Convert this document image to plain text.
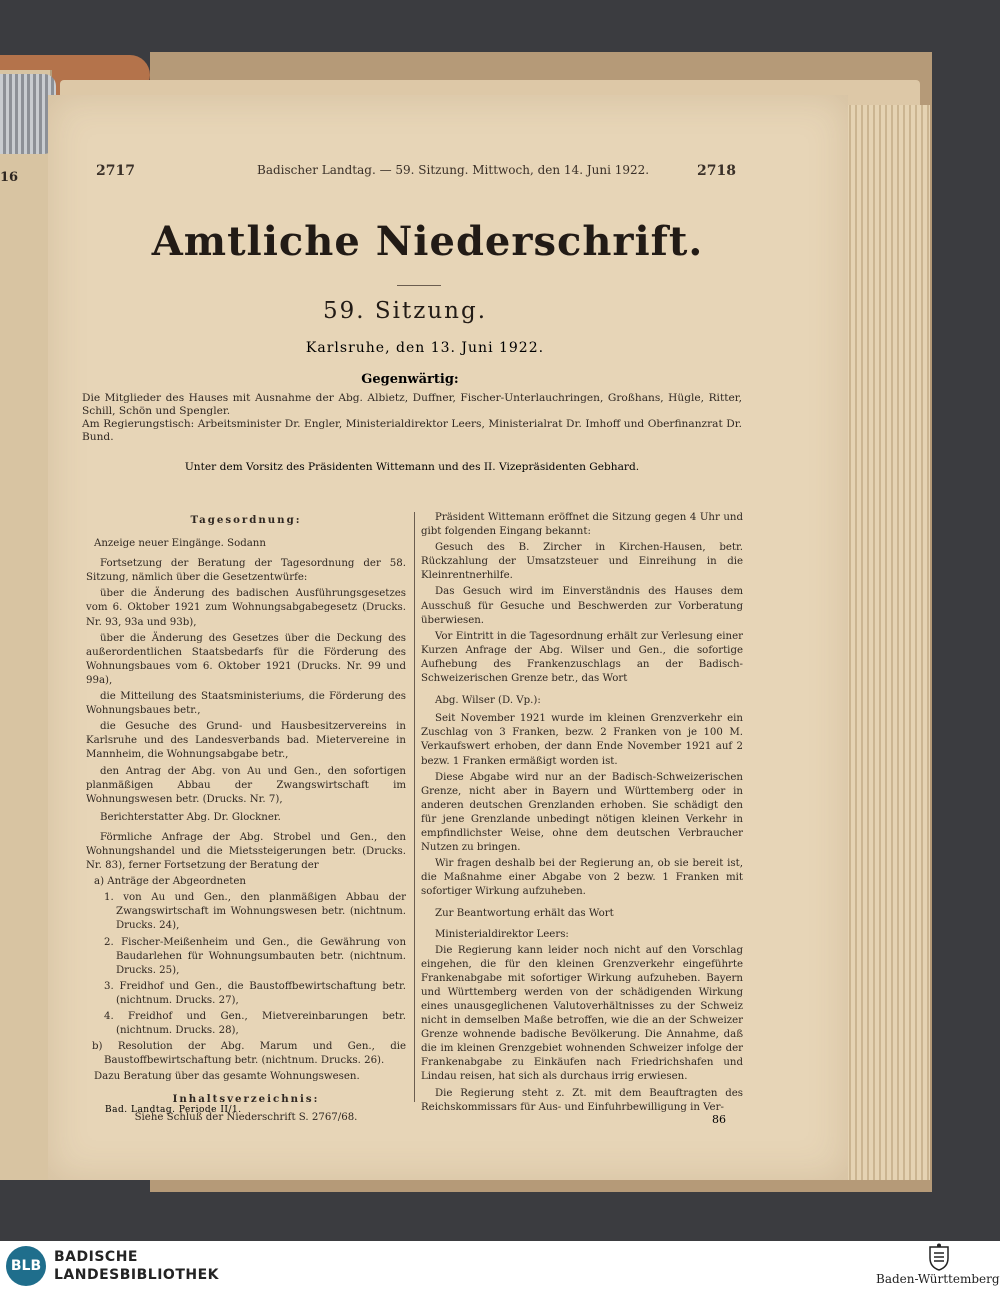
16	2717	Badischer Landtag. — 59. Sitzung. Mittwoch, den 14. Juni 1922.	2718
Amtliche Niederschrift.
59. Sitzung.
Karlsruhe, den 13. Juni 1922.
Gegenwärtig:
Die Mitglieder des Hauses mit Ausnahme der Abg. Albietz, Duffner, Fischer-Unterlauchringen, Großhans, Hügle, Ritter, Schill, Schön und Spengler.
Am Regierungstisch: Arbeitsminister Dr. Engler, Ministerialdirektor Leers, Ministerialrat Dr. Imhoff und Oberfinanzrat Dr. Bund.
Unter dem Vorsitz des Präsidenten Wittemann und des II. Vizepräsidenten Gebhard.

Tagesordnung:

Anzeige neuer Eingänge. Sodann

Fortsetzung der Beratung der Tagesordnung der 58. Sitzung, nämlich über die Gesetzentwürfe:

über die Änderung des badischen Ausführungsgesetzes vom 6. Oktober 1921 zum Wohnungsabgabegesetz (Drucks. Nr. 93, 93a und 93b),

über die Änderung des Gesetzes über die Deckung des außerordentlichen Staatsbedarfs für die Förderung des Wohnungsbaues vom 6. Oktober 1921 (Drucks. Nr. 99 und 99a),

die Mitteilung des Staatsministeriums, die Förderung des Wohnungsbaues betr.,

die Gesuche des Grund- und Hausbesitzervereins in Karlsruhe und des Landesverbands bad. Mietervereine in Mannheim, die Wohnungsabgabe betr.,

den Antrag der Abg. von Au und Gen., den sofortigen planmäßigen Abbau der Zwangswirtschaft im Wohnungswesen betr. (Drucks. Nr. 7),

Berichterstatter Abg. Dr. Glockner.

Förmliche Anfrage der Abg. Strobel und Gen., den Wohnungshandel und die Mietssteigerungen betr. (Drucks. Nr. 83), ferner Fortsetzung der Beratung der

a) Anträge der Abgeordneten

1. von Au und Gen., den planmäßigen Abbau der Zwangswirtschaft im Wohnungswesen betr. (nichtnum. Drucks. 24),

2. Fischer-Meißenheim und Gen., die Gewährung von Baudarlehen für Wohnungsumbauten betr. (nichtnum. Drucks. 25),

3. Freidhof und Gen., die Baustoffbewirtschaftung betr. (nichtnum. Drucks. 27),

4. Freidhof und Gen., Mietvereinbarungen betr. (nichtnum. Drucks. 28),

b) Resolution der Abg. Marum und Gen., die Baustoffbewirtschaftung betr. (nichtnum. Drucks. 26).

Dazu Beratung über das gesamte Wohnungswesen.

Inhaltsverzeichnis:

Siehe Schluß der Niederschrift S. 2767/68.

Präsident Wittemann eröffnet die Sitzung gegen 4 Uhr und gibt folgenden Eingang bekannt:

Gesuch des B. Zircher in Kirchen-Hausen, betr. Rückzahlung der Umsatzsteuer und Einreihung in die Kleinrentnerhilfe.

Das Gesuch wird im Einverständnis des Hauses dem Ausschuß für Gesuche und Beschwerden zur Vorberatung überwiesen.

Vor Eintritt in die Tagesordnung erhält zur Verlesung einer Kurzen Anfrage der Abg. Wilser und Gen., die sofortige Aufhebung des Frankenzuschlags an der Badisch-Schweizerischen Grenze betr., das Wort

Abg. Wilser (D. Vp.):

Seit November 1921 wurde im kleinen Grenzverkehr ein Zuschlag von 3 Franken, bezw. 2 Franken von je 100 M. Verkaufswert erhoben, der dann Ende November 1921 auf 2 bezw. 1 Franken ermäßigt worden ist.

Diese Abgabe wird nur an der Badisch-Schweizerischen Grenze, nicht aber in Bayern und Württemberg oder in anderen deutschen Grenzlanden erhoben. Sie schädigt den für jene Grenzlande unbedingt nötigen kleinen Verkehr in empfindlichster Weise, ohne dem deutschen Verbraucher Nutzen zu bringen.

Wir fragen deshalb bei der Regierung an, ob sie bereit ist, die Maßnahme einer Abgabe von 2 bezw. 1 Franken mit sofortiger Wirkung aufzuheben.

Zur Beantwortung erhält das Wort

Ministerialdirektor Leers:

Die Regierung kann leider noch nicht auf den Vorschlag eingehen, die für den kleinen Grenzverkehr eingeführte Frankenabgabe mit sofortiger Wirkung aufzuheben. Bayern und Württemberg werden von der schädigenden Wirkung eines unausgeglichenen Valutoverhältnisses zu der Schweiz nicht in demselben Maße betroffen, wie die an der Schweizer Grenze wohnende badische Bevölkerung. Die Annahme, daß die im kleinen Grenzgebiet wohnenden Schweizer infolge der Frankenabgabe zu Einkäufen nach Friedrichshafen und Lindau reisen, hat sich als durchaus irrig erwiesen.

Die Regierung steht z. Zt. mit dem Beauftragten des Reichskommissars für Aus- und Einfuhrbewilligung in Ver-

Bad. Landtag. Periode II/1.
86
BLB
BADISCHE
LANDESBIBLIOTHEK	Baden-Württemberg
